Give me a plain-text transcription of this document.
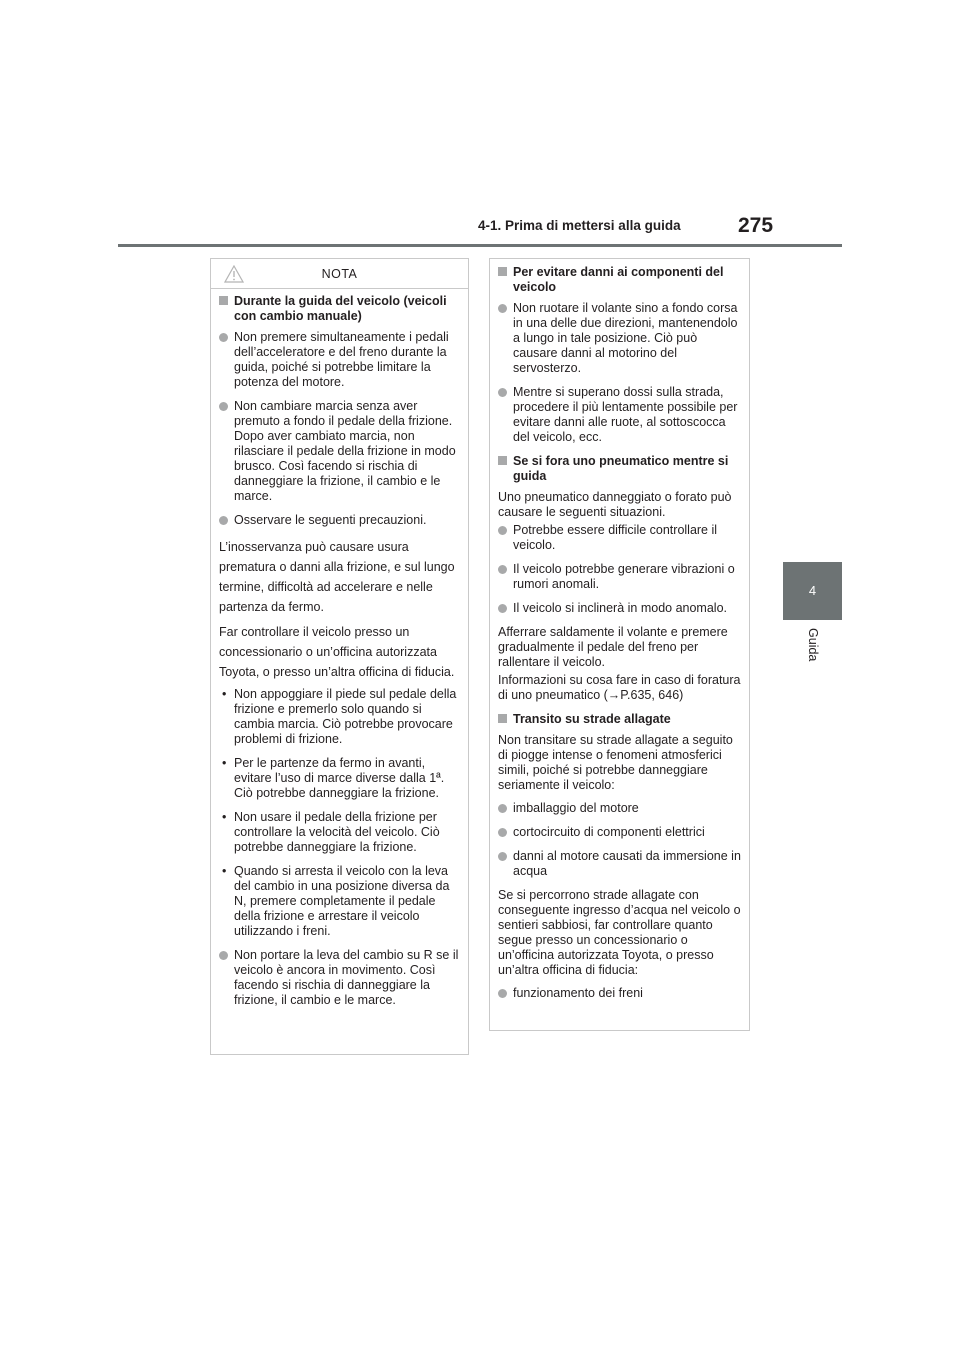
4-1. Prima di mettersi alla guida	275
4
Guida
NOTA
Durante la guida del veicolo (veicoli con cambio manuale)
Non premere simultaneamente i pedali dell’acceleratore e del freno durante la guida, poiché si potrebbe limitare la potenza del motore.
Non cambiare marcia senza aver premuto a fondo il pedale della frizione. Dopo aver cambiato marcia, non rilasciare il pedale della frizione in modo brusco. Così facendo si rischia di danneggiare la frizione, il cambio e le marce.
Osservare le seguenti precauzioni.
L’inosservanza può causare usura prematura o danni alla frizione, e sul lungo termine, difficoltà ad accelerare e nelle partenza da fermo.
Far controllare il veicolo presso un concessionario o un’officina autorizzata Toyota, o presso un’altra officina di fiducia.
• Non appoggiare il piede sul pedale della frizione e premerlo solo quando si cambia marcia. Ciò potrebbe provocare problemi di frizione.
• Per le partenze da fermo in avanti, evitare l’uso di marce diverse dalla 1ª. Ciò potrebbe danneggiare la frizione.
• Non usare il pedale della frizione per controllare la velocità del veicolo. Ciò potrebbe danneggiare la frizione.
• Quando si arresta il veicolo con la leva del cambio in una posizione diversa da N, premere completamente il pedale della frizione e arrestare il veicolo utilizzando i freni.
Non portare la leva del cambio su R se il veicolo è ancora in movimento. Così facendo si rischia di danneggiare la frizione, il cambio e le marce.
Per evitare danni ai componenti del veicolo
Non ruotare il volante sino a fondo corsa in una delle due direzioni, mantenendolo a lungo in tale posizione. Ciò può causare danni al motorino del servosterzo.
Mentre si superano dossi sulla strada, procedere il più lentamente possibile per evitare danni alle ruote, al sottoscocca del veicolo, ecc.
Se si fora uno pneumatico mentre si guida
Uno pneumatico danneggiato o forato può causare le seguenti situazioni.
Potrebbe essere difficile controllare il veicolo.
Il veicolo potrebbe generare vibrazioni o rumori anomali.
Il veicolo si inclinerà in modo anomalo.
Afferrare saldamente il volante e premere gradualmente il pedale del freno per rallentare il veicolo.
Informazioni su cosa fare in caso di foratura di uno pneumatico (→P.635, 646)
Transito su strade allagate
Non transitare su strade allagate a seguito di piogge intense o fenomeni atmosferici simili, poiché si potrebbe danneggiare seriamente il veicolo:
imballaggio del motore
cortocircuito di componenti elettrici
danni al motore causati da immersione in acqua
Se si percorrono strade allagate con conseguente ingresso d’acqua nel veicolo o sentieri sabbiosi, far controllare quanto segue presso un concessionario o un’officina autorizzata Toyota, o presso un’altra officina di fiducia:
funzionamento dei freni
